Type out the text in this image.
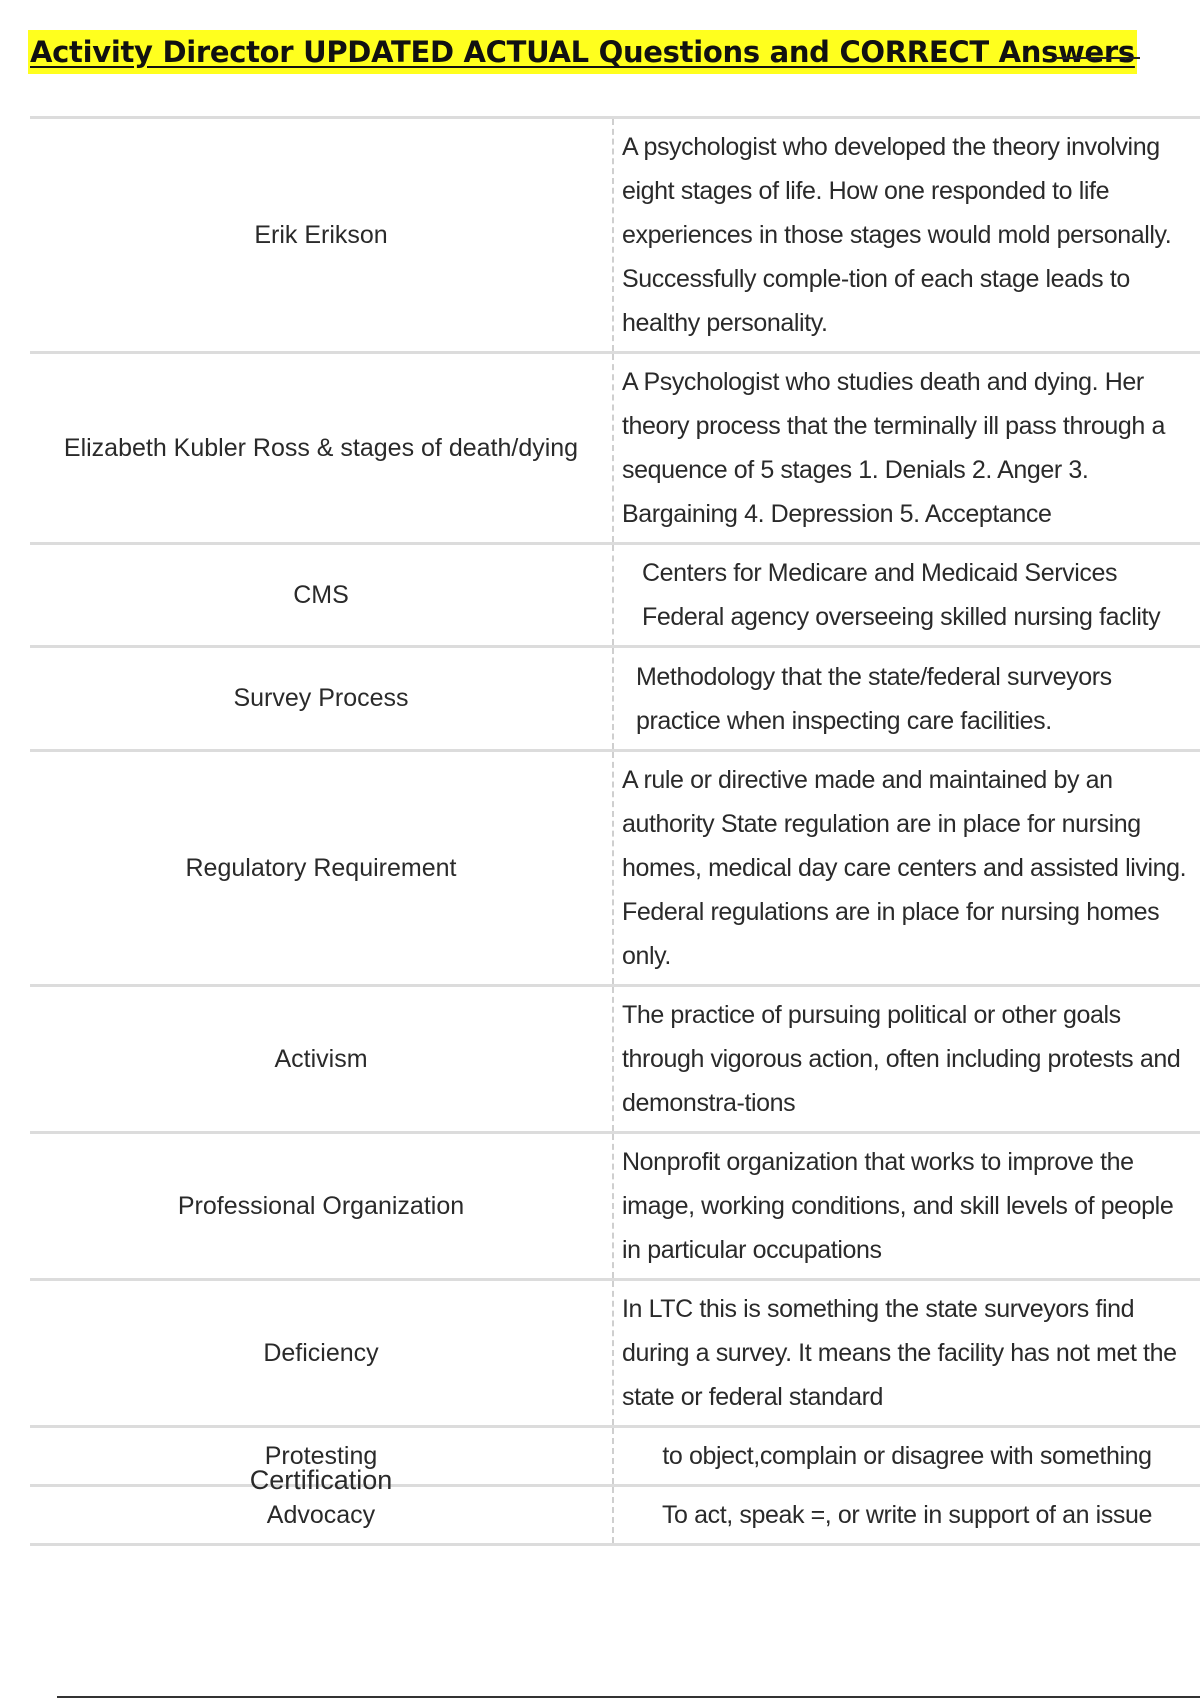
Activity Director UPDATED ACTUAL Questions and CORRECT Answers
Erik Erikson	A psychologist who developed the theory involving eight stages of life. How one responded to life experiences in those stages would mold personally. Successfully comple-tion of each stage leads to healthy personality.
Elizabeth Kubler Ross & stages of death/dying	A Psychologist who studies death and dying. Her theory process that the terminally ill pass through a sequence of 5 stages 1. Denials 2. Anger 3. Bargaining 4. Depression 5. Acceptance
CMS	Centers for Medicare and Medicaid Services Federal agency overseeing skilled nursing faclity
Survey Process	Methodology that the state/federal surveyors practice when inspecting care facilities.
Regulatory Requirement	A rule or directive made and maintained by an authority State regulation are in place for nursing homes, medical day care centers and assisted living. Federal regulations are in place for nursing homes only.
Activism	The practice of pursuing political or other goals through vigorous action, often including protests and demonstra-tions
Professional Organization	Nonprofit organization that works to improve the image, working conditions, and skill levels of people in particular occupations
Deficiency	In LTC this is something the state surveyors find during a survey. It means the facility has not met the state or federal standard
Protesting	to object,complain or disagree with something
Advocacy	To act, speak =, or write in support of an issue
Certification
